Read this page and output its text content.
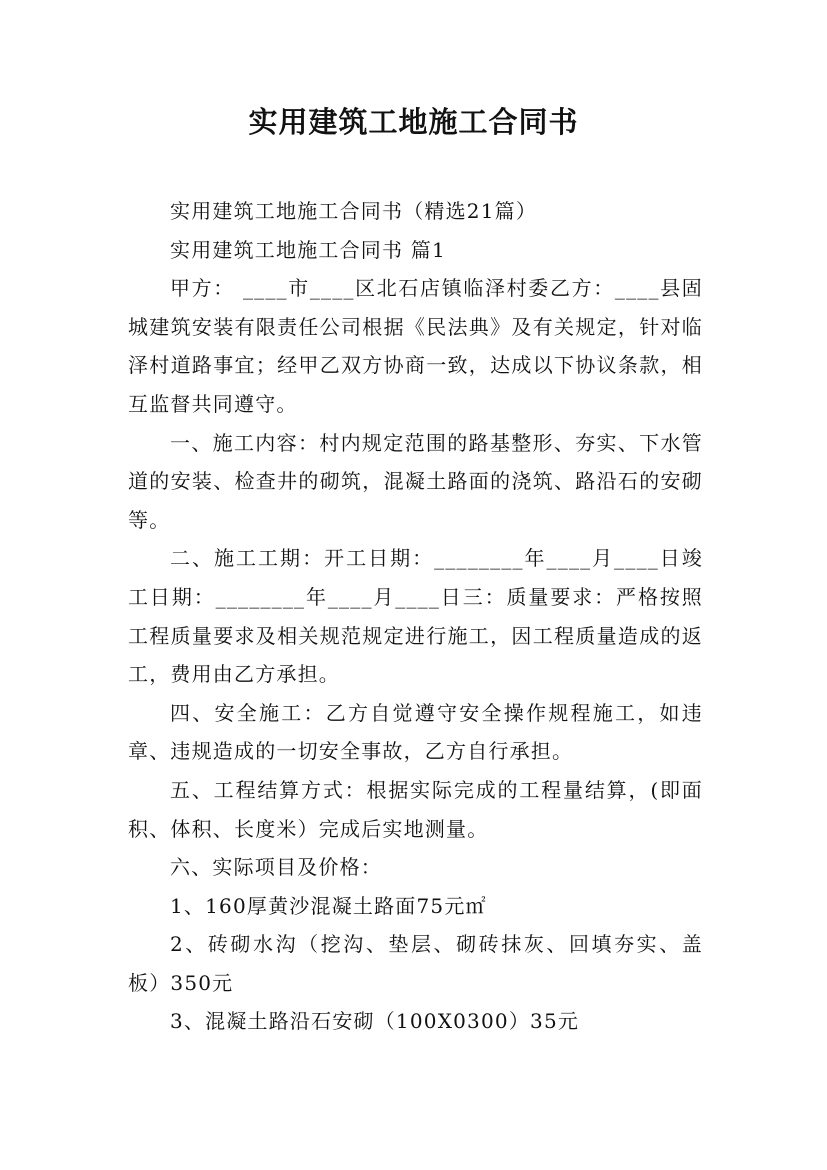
实用建筑工地施工合同书

实用建筑工地施工合同书（精选21篇）

实用建筑工地施工合同书 篇1

甲方： ____市____区北石店镇临泽村委乙方：____县固城建筑安装有限责任公司根据《民法典》及有关规定，针对临泽村道路事宜；经甲乙双方协商一致，达成以下协议条款，相互监督共同遵守。

一、施工内容：村内规定范围的路基整形、夯实、下水管道的安装、检查井的砌筑，混凝土路面的浇筑、路沿石的安砌等。

二、施工工期：开工日期：________年____月____日竣工日期：________年____月____日三：质量要求：严格按照工程质量要求及相关规范规定进行施工，因工程质量造成的返工，费用由乙方承担。

四、安全施工：乙方自觉遵守安全操作规程施工，如违章、违规造成的一切安全事故，乙方自行承担。

五、工程结算方式：根据实际完成的工程量结算，(即面积、体积、长度米）完成后实地测量。

六、实际项目及价格：

1、160厚黄沙混凝土路面75元㎡

2、砖砌水沟（挖沟、垫层、砌砖抹灰、回填夯实、盖板）350元

3、混凝土路沿石安砌（100X0300）35元
